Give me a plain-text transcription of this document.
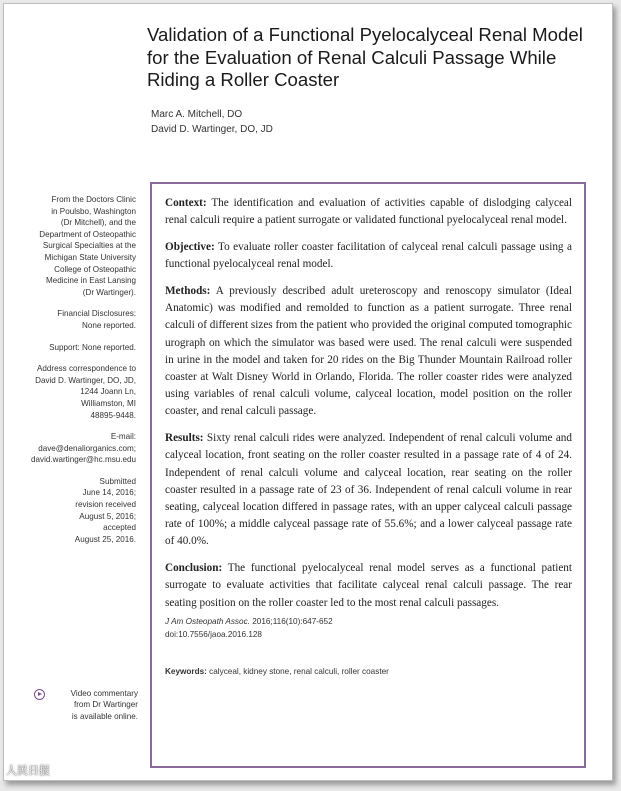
Validation of a Functional Pyelocalyceal Renal Model for the Evaluation of Renal Calculi Passage While Riding a Roller Coaster
Marc A. Mitchell, DO
David D. Wartinger, DO, JD
From the Doctors Clinic
in Poulsbo, Washington
(Dr Mitchell), and the
Department of Osteopathic
Surgical Specialties at the
Michigan State University
College of Osteopathic
Medicine in East Lansing
(Dr Wartinger).
Financial Disclosures:
None reported.
Support: None reported.
Address correspondence to
David D. Wartinger, DO, JD,
1244 Joann Ln,
Williamston, MI
48895-9448.
E-mail:
dave@denaliorganics.com;
david.wartinger@hc.msu.edu
Submitted
June 14, 2016;
revision received
August 5, 2016;
accepted
August 25, 2016.
Video commentary
from Dr Wartinger
is available online.

Context: The identification and evaluation of activities capable of dislodging calyceal renal calculi require a patient surrogate or validated functional pyelocalyceal renal model.

Objective: To evaluate roller coaster facilitation of calyceal renal calculi passage using a functional pyelocalyceal renal model.

Methods: A previously described adult ureteroscopy and renoscopy simulator (Ideal Anatomic) was modified and remolded to function as a patient surrogate. Three renal calculi of different sizes from the patient who provided the original computed tomographic urograph on which the simulator was based were used. The renal calculi were suspended in urine in the model and taken for 20 rides on the Big Thunder Mountain Railroad roller coaster at Walt Disney World in Orlando, Florida. The roller coaster rides were analyzed using variables of renal calculi volume, calyceal location, model position on the roller coaster, and renal calculi passage.

Results: Sixty renal calculi rides were analyzed. Independent of renal calculi volume and calyceal location, front seating on the roller coaster resulted in a passage rate of 4 of 24. Independent of renal calculi volume and calyceal location, rear seating on the roller coaster resulted in a passage rate of 23 of 36. Independent of renal calculi volume in rear seating, calyceal location differed in passage rates, with an upper calyceal calculi passage rate of 100%; a middle calyceal passage rate of 55.6%; and a lower calyceal passage rate of 40.0%.

Conclusion: The functional pyelocalyceal renal model serves as a functional patient surrogate to evaluate activities that facilitate calyceal renal calculi passage. The rear seating position on the roller coaster led to the most renal calculi passages.

J Am Osteopath Assoc. 2016;116(10):647-652
doi:10.7556/jaoa.2016.128
Keywords: calyceal, kidney stone, renal calculi, roller coaster
人民日报
